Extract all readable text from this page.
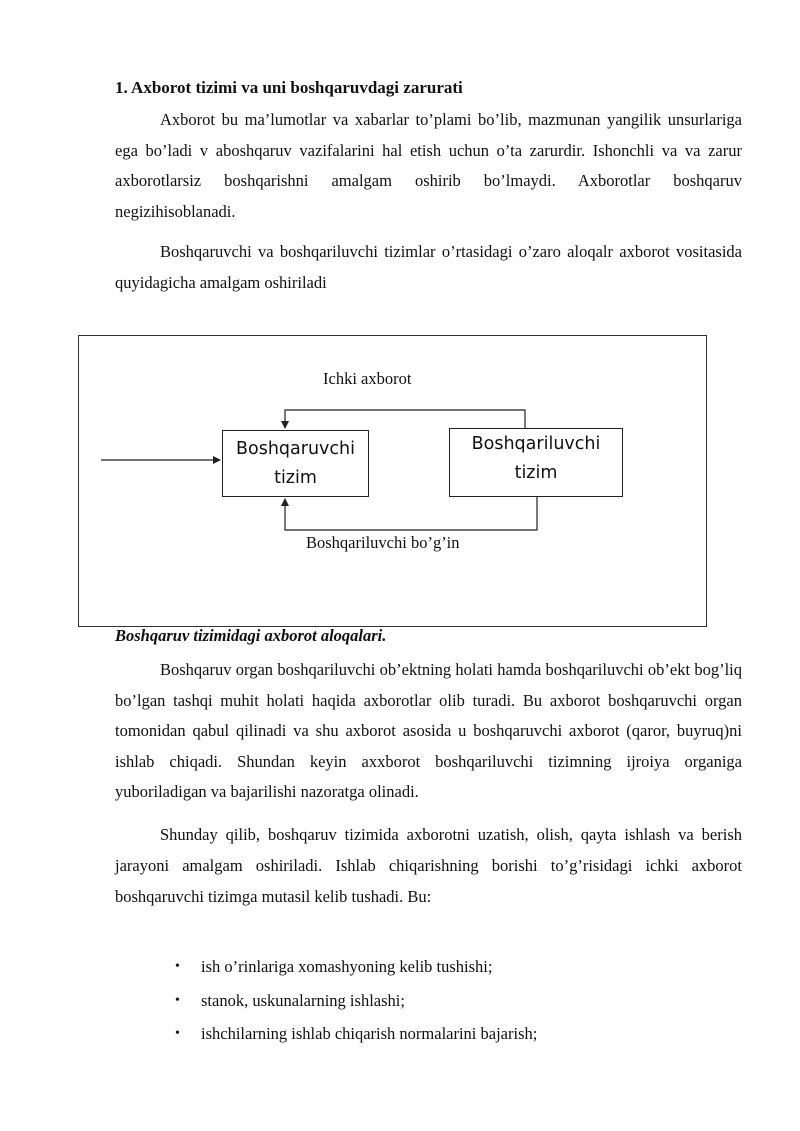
1. Axborot tizimi va uni boshqaruvdagi zarurati

Axborot bu ma’lumotlar va xabarlar to’plami bo’lib, mazmunan yangilik unsurlariga ega bo’ladi v aboshqaruv vazifalarini hal etish uchun o’ta zarurdir. Ishonchli va va zarur axborotlarsiz boshqarishni amalgam oshirib bo’lmaydi. Axborotlar boshqaruv negizihisoblanadi.

Boshqaruvchi va boshqariluvchi tizimlar o’rtasidagi o’zaro aloqalr axborot vositasida quyidagicha amalgam oshiriladi

Ichki axborot

Boshqaruvchi
tizim
Boshqariluvchi
tizim

Boshqariluvchi bo’g’in

Boshqaruv tizimidagi axborot aloqalari.

Boshqaruv organ boshqariluvchi ob’ektning holati hamda boshqariluvchi ob’ekt bog’liq bo’lgan tashqi muhit holati haqida axborotlar olib turadi. Bu axborot boshqaruvchi organ tomonidan qabul qilinadi va shu axborot asosida u boshqaruvchi axborot (qaror, buyruq)ni ishlab chiqadi. Shundan keyin axxborot boshqariluvchi tizimning ijroiya organiga yuboriladigan va bajarilishi nazoratga olinadi.

Shunday qilib, boshqaruv tizimida axborotni uzatish, olish, qayta ishlash va berish jarayoni amalgam oshiriladi. Ishlab chiqarishning borishi to’g’risidagi ichki axborot boshqaruvchi tizimga mutasil kelib tushadi. Bu:

• ish o’rinlariga xomashyoning kelib tushishi;
• stanok, uskunalarning ishlashi;
• ishchilarning ishlab chiqarish normalarini bajarish;
